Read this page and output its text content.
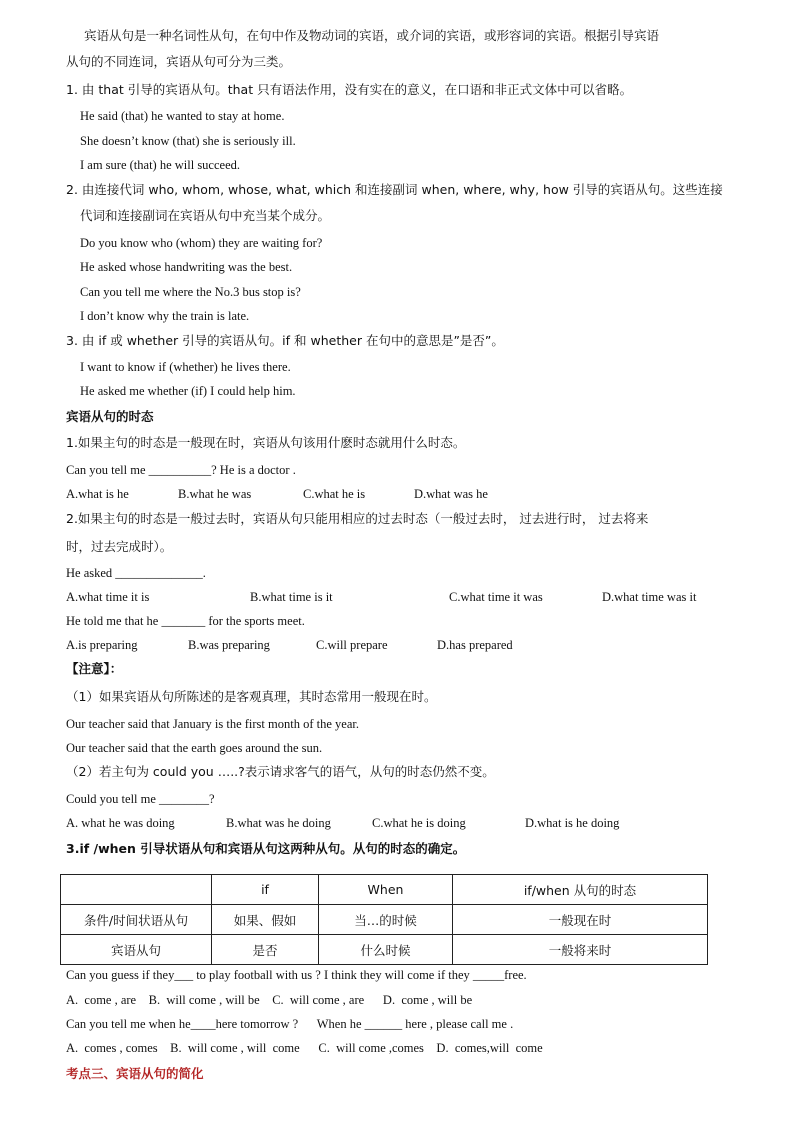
宾语从句是一种名词性从句，在句中作及物动词的宾语，或介词的宾语，或形容词的宾语。根据引导宾语
从句的不同连词，宾语从句可分为三类。
1. 由 that 引导的宾语从句。that 只有语法作用，没有实在的意义，在口语和非正式文体中可以省略。
He said (that) he wanted to stay at home.
She doesn’t know (that) she is seriously ill.
I am sure (that) he will succeed.
2. 由连接代词 who, whom, whose, what, which 和连接副词 when, where, why, how 引导的宾语从句。这些连接
代词和连接副词在宾语从句中充当某个成分。
Do you know who (whom) they are waiting for?
He asked whose handwriting was the best.
Can you tell me where the No.3 bus stop is?
I don’t know why the train is late.
3. 由 if 或 whether 引导的宾语从句。if 和 whether 在句中的意思是”是否”。
I want to know if (whether) he lives there.
He asked me whether (if) I could help him.
宾语从句的时态
1.如果主句的时态是一般现在时，宾语从句该用什麽时态就用什么时态。
Can you tell me __________? He is a doctor .
A.what is he	B.what he was	C.what he is	D.what was he
2.如果主句的时态是一般过去时，宾语从句只能用相应的过去时态（一般过去时， 过去进行时， 过去将来
时，过去完成时）。
He asked ______________.
A.what time it is	B.what time is it	C.what time it was	D.what time was it
He told me that he _______ for the sports meet.
A.is preparing	B.was preparing	C.will prepare	D.has prepared
【注意】：
（1）如果宾语从句所陈述的是客观真理，其时态常用一般现在时。
Our teacher said that January is the first month of the year.
Our teacher said that the earth goes around the sun.
（2）若主句为 could you …..?表示请求客气的语气，从句的时态仍然不变。
Could you tell me ________?
A. what he was doing	B.what was he doing	C.what he is doing	D.what is he doing
3.if /when 引导状语从句和宾语从句这两种从句。从句的时态的确定。
	if	When	if/when 从句的时态
条件/时间状语从句	如果、假如	当…的时候	一般现在时
宾语从句	是否	什么时候	一般将来时
Can you guess if they___ to play football with us ? I think they will come if they _____free.
A.  come , are    B.  will come , will be    C.  will come , are      D.  come , will be
Can you tell me when he____here tomorrow ?      When he ______ here , please call me .
A.  comes , comes    B.  will come , will  come      C.  will come ,comes    D.  comes,will  come
考点三、宾语从句的简化
